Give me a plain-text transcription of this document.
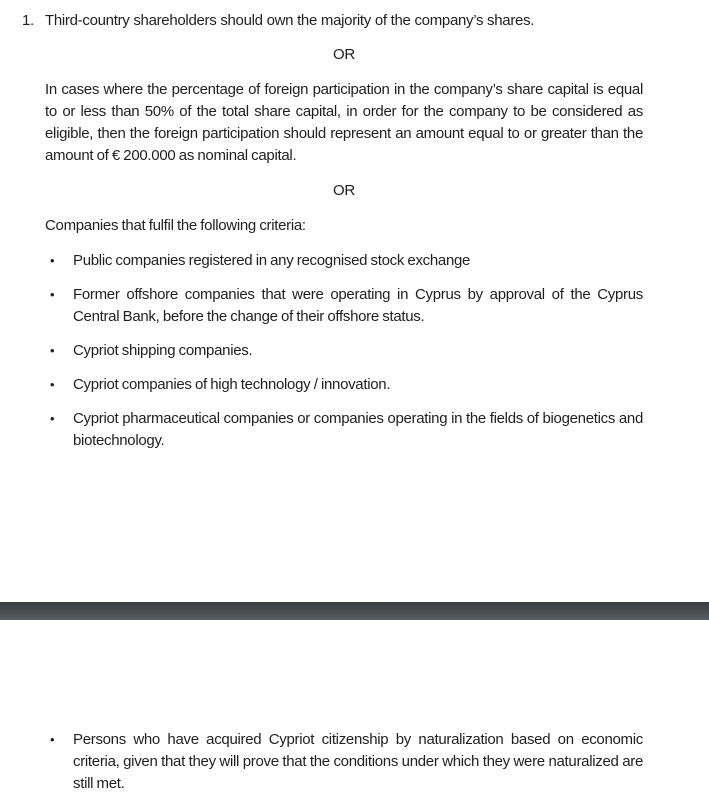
1. Third-country shareholders should own the majority of the company’s shares.
OR

In cases where the percentage of foreign participation in the company’s share capital is equal to or less than 50% of the total share capital, in order for the company to be considered as eligible, then the foreign participation should represent an amount equal to or greater than the amount of € 200.000 as nominal capital.

OR

Companies that fulfil the following criteria:

•	Public companies registered in any recognised stock exchange
•	Former offshore companies that were operating in Cyprus by approval of the Cyprus Central Bank, before the change of their offshore status.
•	Cypriot shipping companies.
•	Cypriot companies of high technology / innovation.
•	Cypriot pharmaceutical companies or companies operating in the fields of biogenetics and biotechnology.
•	Persons who have acquired Cypriot citizenship by naturalization based on economic criteria, given that they will prove that the conditions under which they were naturalized are still met.
